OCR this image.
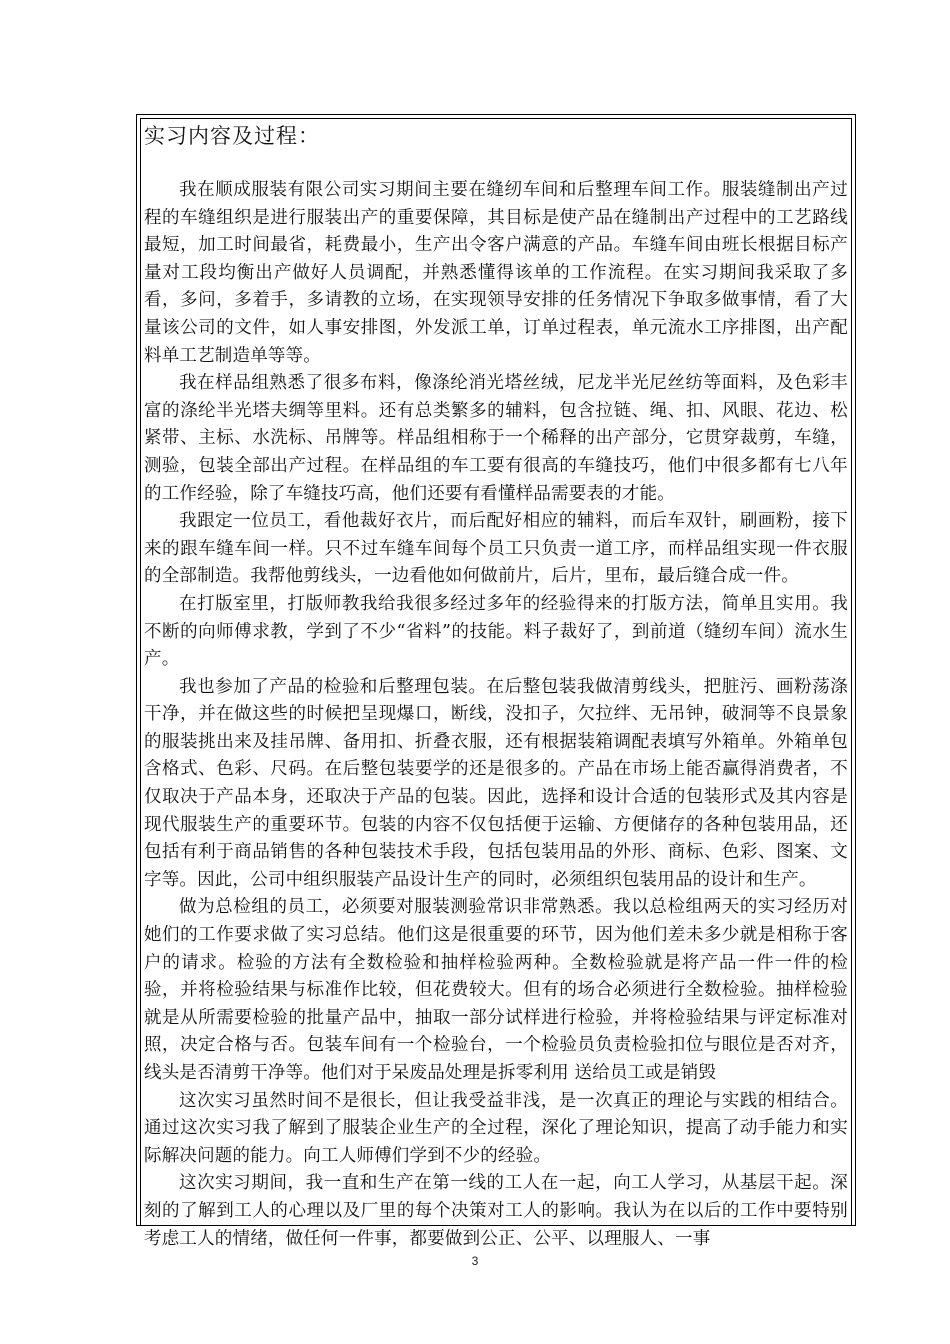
实习内容及过程：

我在顺成服装有限公司实习期间主要在缝纫车间和后整理车间工作。服装缝制出产过程的车缝组织是进行服装出产的重要保障，其目标是使产品在缝制出产过程中的工艺路线最短，加工时间最省，耗费最小，生产出令客户满意的产品。车缝车间由班长根据目标产量对工段均衡出产做好人员调配，并熟悉懂得该单的工作流程。在实习期间我采取了多看，多问，多着手，多请教的立场，在实现领导安排的任务情况下争取多做事情，看了大量该公司的文件，如人事安排图，外发派工单，订单过程表，单元流水工序排图，出产配料单工艺制造单等等。

我在样品组熟悉了很多布料，像涤纶消光塔丝绒，尼龙半光尼丝纺等面料，及色彩丰富的涤纶半光塔夫绸等里料。还有总类繁多的辅料，包含拉链、绳、扣、风眼、花边、松紧带、主标、水洗标、吊牌等。样品组相称于一个稀释的出产部分，它贯穿裁剪，车缝，测验，包装全部出产过程。在样品组的车工要有很高的车缝技巧，他们中很多都有七八年的工作经验，除了车缝技巧高，他们还要有看懂样品需要表的才能。

我跟定一位员工，看他裁好衣片，而后配好相应的辅料，而后车双针，刷画粉，接下来的跟车缝车间一样。只不过车缝车间每个员工只负责一道工序，而样品组实现一件衣服的全部制造。我帮他剪线头，一边看他如何做前片，后片，里布，最后缝合成一件。

在打版室里，打版师教我给我很多经过多年的经验得来的打版方法，简单且实用。我不断的向师傅求教，学到了不少“省料”的技能。料子裁好了，到前道（缝纫车间）流水生产。

我也参加了产品的检验和后整理包装。在后整包装我做清剪线头，把脏污、画粉荡涤干净，并在做这些的时候把呈现爆口，断线，没扣子，欠拉绊、无吊钟，破洞等不良景象的服装挑出来及挂吊牌、备用扣、折叠衣服，还有根据装箱调配表填写外箱单。外箱单包含格式、色彩、尺码。在后整包装要学的还是很多的。产品在市场上能否赢得消费者，不仅取决于产品本身，还取决于产品的包装。因此，选择和设计合适的包装形式及其内容是现代服装生产的重要环节。包装的内容不仅包括便于运输、方便储存的各种包装用品，还包括有利于商品销售的各种包装技术手段，包括包装用品的外形、商标、色彩、图案、文字等。因此，公司中组织服装产品设计生产的同时，必须组织包装用品的设计和生产。

做为总检组的员工，必须要对服装测验常识非常熟悉。我以总检组两天的实习经历对她们的工作要求做了实习总结。他们这是很重要的环节，因为他们差未多少就是相称于客户的请求。检验的方法有全数检验和抽样检验两种。全数检验就是将产品一件一件的检验，并将检验结果与标准作比较，但花费较大。但有的场合必须进行全数检验。抽样检验就是从所需要检验的批量产品中，抽取一部分试样进行检验，并将检验结果与评定标准对照，决定合格与否。包装车间有一个检验台，一个检验员负责检验扣位与眼位是否对齐，线头是否清剪干净等。他们对于呆废品处理是拆零利用 送给员工或是销毁

这次实习虽然时间不是很长，但让我受益非浅，是一次真正的理论与实践的相结合。通过这次实习我了解到了服装企业生产的全过程，深化了理论知识，提高了动手能力和实际解决问题的能力。向工人师傅们学到不少的经验。

这次实习期间，我一直和生产在第一线的工人在一起，向工人学习，从基层干起。深刻的了解到工人的心理以及厂里的每个决策对工人的影响。我认为在以后的工作中要特别考虑工人的情绪，做任何一件事，都要做到公正、公平、以理服人、一事

3
